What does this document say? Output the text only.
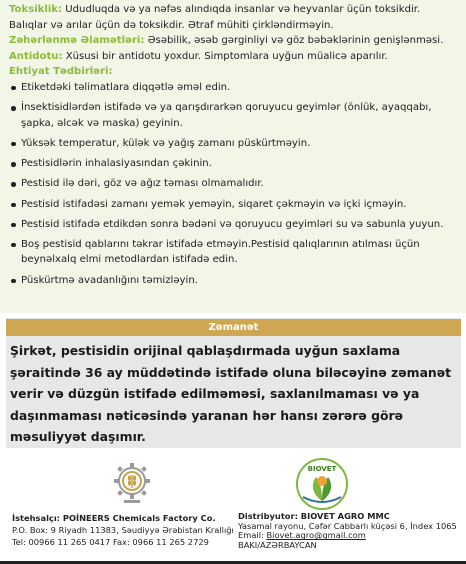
Toksiklik: Ududluqda və ya nəfəs alındıqda insanlar və heyvanlar üçün toksikdir.
Balıqlar və arılar üçün də toksikdir. Ətraf mühiti çirkləndirməyin.
Zəhərlənmə Əlamətləri: Əsəbilik, əsəb gərginliyi və göz bəbəklərinin genişlənməsi.
Antidotu: Xüsusi bir antidotu yoxdur. Simptomlara uyğun müalicə aparılır.
Ehtiyat Tədbirləri:
Etiketdəki təlimatlara diqqətlə əməl edin.
İnsektisidlərdən istifadə və ya qarışdırarkən qoruyucu geyimlər (önlük, ayaqqabı, şapka, əlcək və maska) geyinin.
Yüksək temperatur, külək və yağış zamanı püskürtməyin.
Pestisidlərin inhalasiyasından çəkinin.
Pestisid ilə dəri, göz və ağız təması olmamalıdır.
Pestisid istifadəsi zamanı yemək yeməyin, siqaret çəkməyin və içki içməyin.
Pestisid istifadə etdikdən sonra bədəni və qoruyucu geyimləri su və sabunla yuyun.
Boş pestisid qablarını təkrar istifadə etməyin.Pestisid qalıqlarının atılması üçün beynəlxalq elmi metodlardan istifadə edin.
Püskürtmə avadanlığını təmizləyin.
Zəmanət
Şirkət, pestisidin orijinal qablaşdırmada uyğun saxlama şəraitində 36 ay müddətində istifadə oluna biləcəyinə zəmanət verir və düzgün istifadə edilməməsi, saxlanılmaması və ya daşınmaması nəticəsində yaranan hər hansı zərərə görə məsuliyyət daşımır.
BIOVET
İstehsalçı: POİNEERS Chemicals Factory Co.
P.O. Box: 9 Riyadh 11383, Səudiyyə Ərəbistan Krallığı
Tel: 00966 11 265 0417 Fax: 0966 11 265 2729
Distribyutor: BIOVET AGRO MMC
Yasamal rayonu, Cəfər Cabbarlı küçəsi 6, İndex 1065
Email: Biovet.agro@gmail.com
BAKI/AZƏRBAYCAN
